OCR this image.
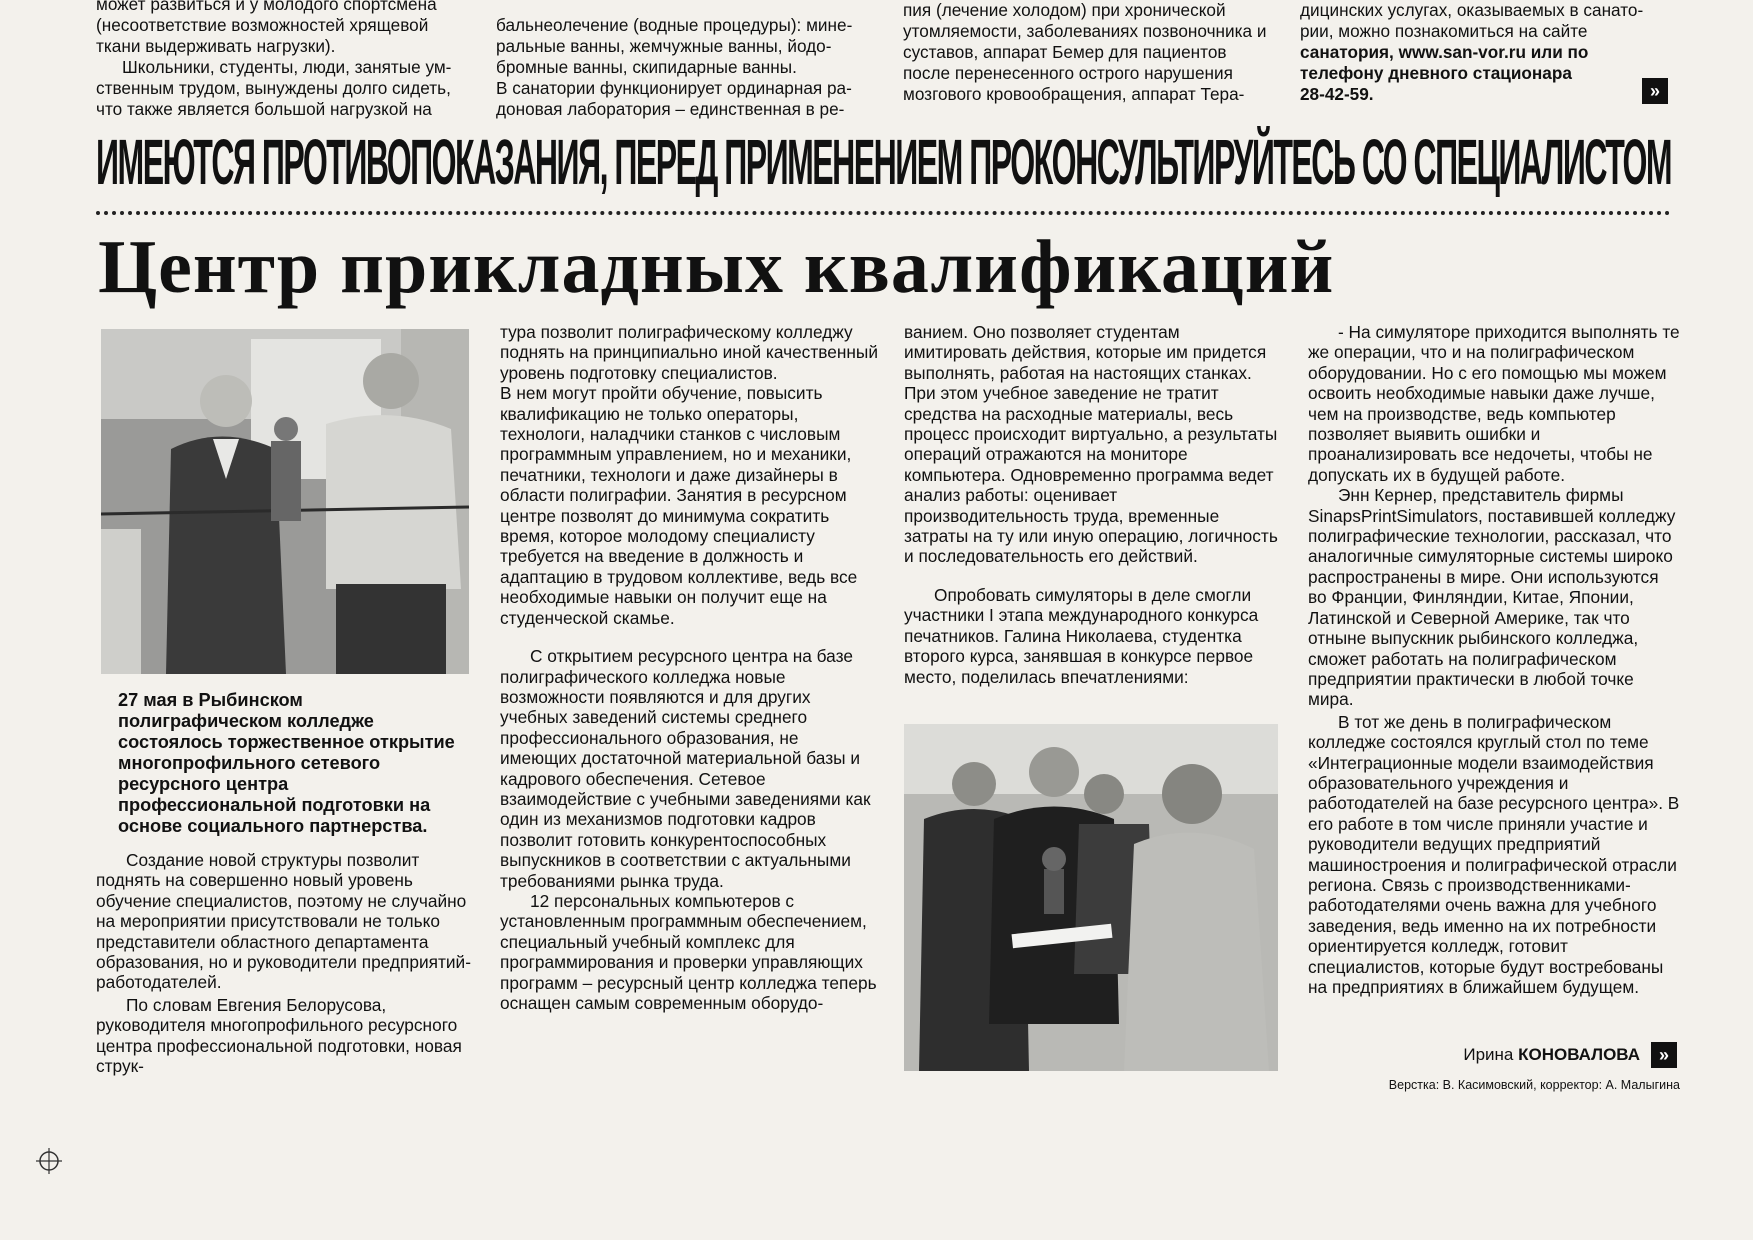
может развиться и у молодого спортсмена

(несоответствие возможностей хрящевой

ткани выдерживать нагрузки).

Школьники, студенты, люди, занятые ум-

ственным трудом, вынуждены долго сидеть,

что также является большой нагрузкой на

бальнеолечение (водные процедуры): мине-

ральные ванны, жемчужные ванны, йодо-

бромные ванны, скипидарные ванны.

В санатории функционирует ординарная ра-

доновая лаборатория – единственная в ре-

пия (лечение холодом) при хронической

утомляемости, заболеваниях позвоночника и

суставов, аппарат Бемер для пациентов

после перенесенного острого нарушения

мозгового кровообращения, аппарат Тера-

дицинских услугах, оказываемых в санато-

рии, можно познакомиться на сайте

санатория, www.san-vor.ru или по

телефону дневного стационара

28-42-59.	»
ИМЕЮТСЯ ПРОТИВОПОКАЗАНИЯ, ПЕРЕД ПРИМЕНЕНИЕМ ПРОКОНСУЛЬТИРУЙТЕСЬ СО СПЕЦИАЛИСТОМ
Центр прикладных квалификаций
27 мая в Рыбинском полиграфическом колледже состоялось торжественное открытие многопрофильного сетевого ресурсного центра профессиональной подготовки на основе социального партнерства.

Создание новой структуры позволит поднять на совершенно новый уровень обучение специалистов, поэтому не случайно на мероприятии присутствовали не только представители областного департамента образования, но и руководители предприятий-работодателей.

По словам Евгения Белорусова, руководителя многопрофильного ресурсного центра профессиональной подготовки, новая струк-

тура позволит полиграфическому колледжу поднять на принципиально иной качественный уровень подготовку специалистов.

В нем могут пройти обучение, повысить квалификацию не только операторы, технологи, наладчики станков с числовым программным управлением, но и механики, печатники, технологи и даже дизайнеры в области полиграфии. Занятия в ресурсном центре позволят до минимума сократить время, которое молодому специалисту требуется на введение в должность и адаптацию в трудовом коллективе, ведь все необходимые навыки он получит еще на студенческой скамье.

С открытием ресурсного центра на базе полиграфического колледжа новые возможности появляются и для других учебных заведений системы среднего профессионального образования, не имеющих достаточной материальной базы и кадрового обеспечения. Сетевое взаимодействие с учебными заведениями как один из механизмов подготовки кадров позволит готовить конкурентоспособных выпускников в соответствии с актуальными требованиями рынка труда.

12 персональных компьютеров с установленным программным обеспечением, специальный учебный комплекс для программирования и проверки управляющих программ – ресурсный центр колледжа теперь оснащен самым современным оборудо-

ванием. Оно позволяет студентам имитировать действия, которые им придется выполнять, работая на настоящих станках. При этом учебное заведение не тратит средства на расходные материалы, весь процесс происходит виртуально, а результаты операций отражаются на мониторе компьютера. Одновременно программа ведет анализ работы: оценивает производительность труда, временные затраты на ту или иную операцию, логичность и последовательность его действий.

Опробовать симуляторы в деле смогли участники I этапа международного конкурса печатников. Галина Николаева, студентка второго курса, занявшая в конкурсе первое место, поделилась впечатлениями:

- На симуляторе приходится выполнять те же операции, что и на полиграфическом оборудовании. Но с его помощью мы можем освоить необходимые навыки даже лучше, чем на производстве, ведь компьютер позволяет выявить ошибки и проанализировать все недочеты, чтобы не допускать их в будущей работе.

Энн Кернер, представитель фирмы SinapsPrintSimulators, поставившей колледжу полиграфические технологии, рассказал, что аналогичные симуляторные системы широко распространены в мире. Они используются во Франции, Финляндии, Китае, Японии, Латинской и Северной Америке, так что отныне выпускник рыбинского колледжа, сможет работать на полиграфическом предприятии практически в любой точке мира.

В тот же день в полиграфическом колледже состоялся круглый стол по теме «Интеграционные модели взаимодействия образовательного учреждения и работодателей на базе ресурсного центра». В его работе в том числе приняли участие и руководители ведущих предприятий машиностроения и полиграфической отрасли региона. Связь с производственниками-работодателями очень важна для учебного заведения, ведь именно на их потребности ориентируется колледж, готовит специалистов, которые будут востребованы на предприятиях в ближайшем будущем.

Ирина КОНОВАЛОВА	»
Верстка: В. Касимовский, корректор: А. Малыгина
